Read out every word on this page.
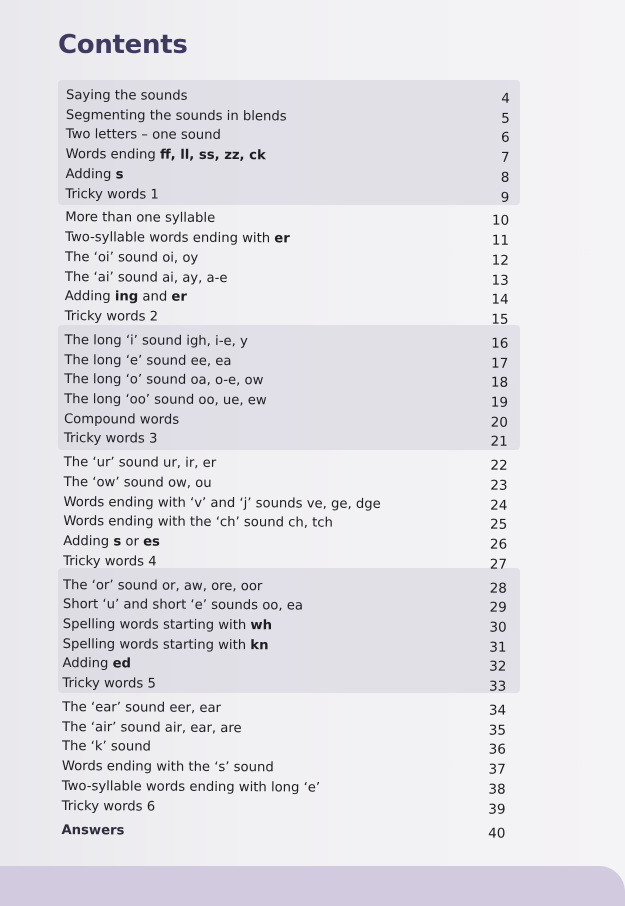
Contents
Saying the sounds	4
Segmenting the sounds in blends	5
Two letters – one sound	6
Words ending ff, ll, ss, zz, ck	7
Adding s	8
Tricky words 1	9
More than one syllable	10
Two-syllable words ending with er	11
The ‘oi’ sound oi, oy	12
The ‘ai’ sound ai, ay, a-e	13
Adding ing and er	14
Tricky words 2	15
The long ‘i’ sound igh, i-e, y	16
The long ‘e’ sound ee, ea	17
The long ‘o’ sound oa, o-e, ow	18
The long ‘oo’ sound oo, ue, ew	19
Compound words	20
Tricky words 3	21
The ‘ur’ sound ur, ir, er	22
The ‘ow’ sound ow, ou	23
Words ending with ‘v’ and ‘j’ sounds ve, ge, dge	24
Words ending with the ‘ch’ sound ch, tch	25
Adding s or es	26
Tricky words 4	27
The ‘or’ sound or, aw, ore, oor	28
Short ‘u’ and short ‘e’ sounds oo, ea	29
Spelling words starting with wh	30
Spelling words starting with kn	31
Adding ed	32
Tricky words 5	33
The ‘ear’ sound eer, ear	34
The ‘air’ sound air, ear, are	35
The ‘k’ sound	36
Words ending with the ‘s’ sound	37
Two-syllable words ending with long ‘e’	38
Tricky words 6	39
Answers	40
